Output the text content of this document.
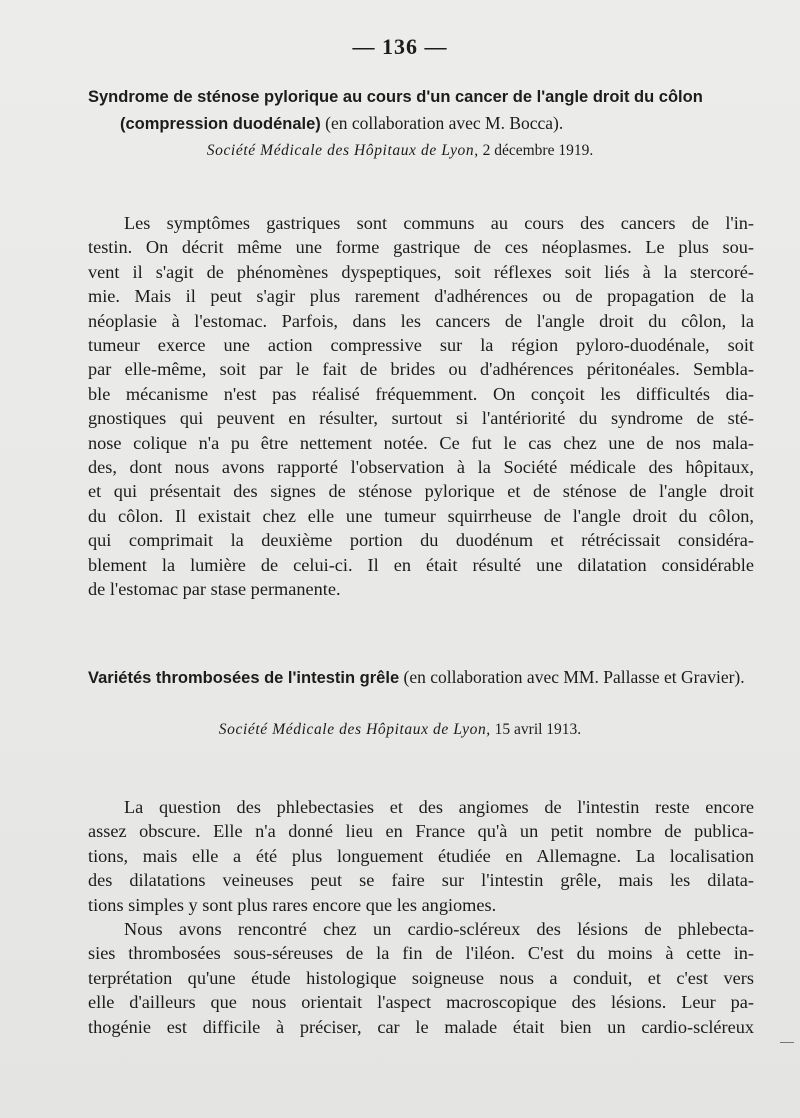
— 136 —
Syndrome de sténose pylorique au cours d'un cancer de l'angle droit du côlon (compression duodénale) (en collaboration avec M. Bocca).
Société Médicale des Hôpitaux de Lyon, 2 décembre 1919.
Les symptômes gastriques sont communs au cours des cancers de l'in-
testin. On décrit même une forme gastrique de ces néoplasmes. Le plus sou-
vent il s'agit de phénomènes dyspeptiques, soit réflexes soit liés à la stercoré-
mie. Mais il peut s'agir plus rarement d'adhérences ou de propagation de la
néoplasie à l'estomac. Parfois, dans les cancers de l'angle droit du côlon, la
tumeur exerce une action compressive sur la région pyloro-duodénale, soit
par elle-même, soit par le fait de brides ou d'adhérences péritonéales. Sembla-
ble mécanisme n'est pas réalisé fréquemment. On conçoit les difficultés dia-
gnostiques qui peuvent en résulter, surtout si l'antériorité du syndrome de sté-
nose colique n'a pu être nettement notée. Ce fut le cas chez une de nos mala-
des, dont nous avons rapporté l'observation à la Société médicale des hôpitaux,
et qui présentait des signes de sténose pylorique et de sténose de l'angle droit
du côlon. Il existait chez elle une tumeur squirrheuse de l'angle droit du côlon,
qui comprimait la deuxième portion du duodénum et rétrécissait considéra-
blement la lumière de celui-ci. Il en était résulté une dilatation considérable
de l'estomac par stase permanente.
Variétés thrombosées de l'intestin grêle (en collaboration avec MM. Pallasse et Gravier).
Société Médicale des Hôpitaux de Lyon, 15 avril 1913.
La question des phlebectasies et des angiomes de l'intestin reste encore
assez obscure. Elle n'a donné lieu en France qu'à un petit nombre de publica-
tions, mais elle a été plus longuement étudiée en Allemagne. La localisation
des dilatations veineuses peut se faire sur l'intestin grêle, mais les dilata-
tions simples y sont plus rares encore que les angiomes.
Nous avons rencontré chez un cardio-scléreux des lésions de phlebecta-
sies thrombosées sous-séreuses de la fin de l'iléon. C'est du moins à cette in-
terprétation qu'une étude histologique soigneuse nous a conduit, et c'est vers
elle d'ailleurs que nous orientait l'aspect macroscopique des lésions. Leur pa-
thogénie est difficile à préciser, car le malade était bien un cardio-scléreux
